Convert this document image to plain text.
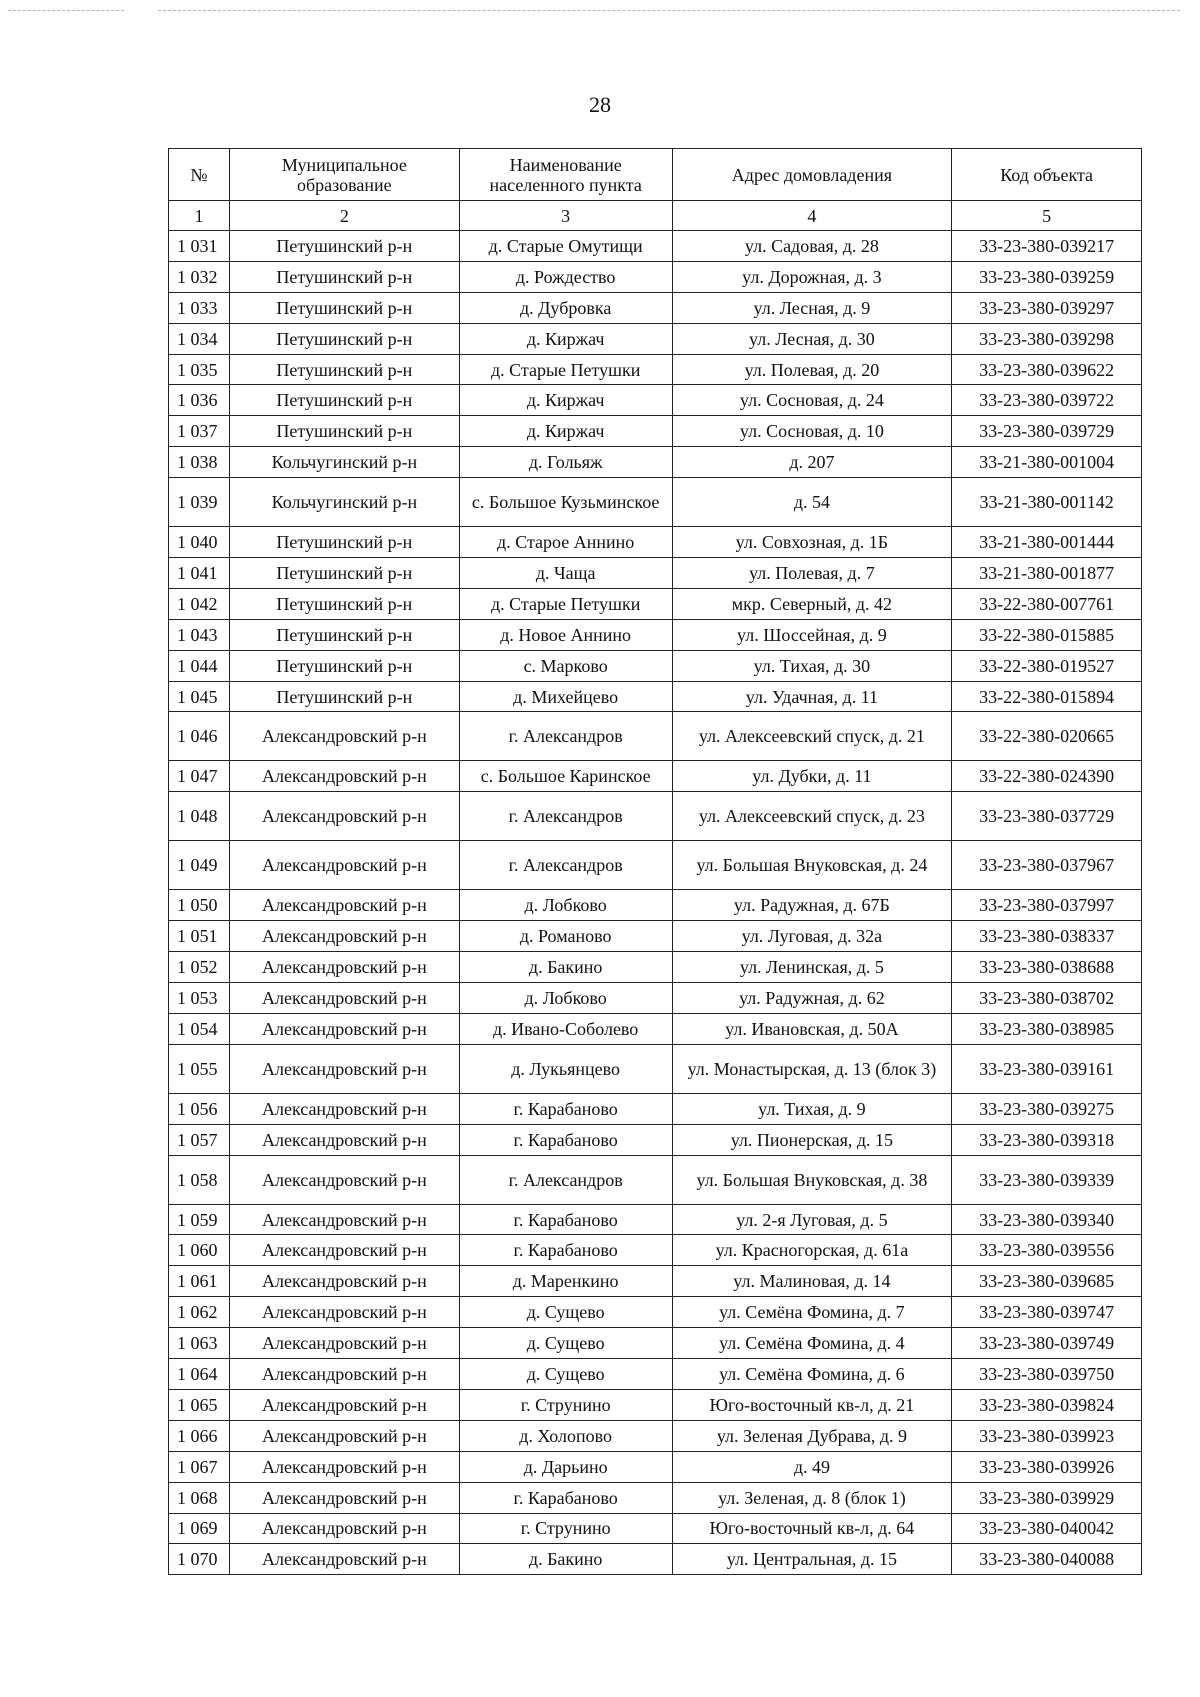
28
№	Муниципальное образование	Наименование населенного пункта	Адрес домовладения	Код объекта
1	2	3	4	5
1 031	Петушинский р-н	д. Старые Омутищи	ул. Садовая, д. 28	33-23-380-039217
1 032	Петушинский р-н	д. Рождество	ул. Дорожная, д. 3	33-23-380-039259
1 033	Петушинский р-н	д. Дубровка	ул. Лесная, д. 9	33-23-380-039297
1 034	Петушинский р-н	д. Киржач	ул. Лесная, д. 30	33-23-380-039298
1 035	Петушинский р-н	д. Старые Петушки	ул. Полевая, д. 20	33-23-380-039622
1 036	Петушинский р-н	д. Киржач	ул. Сосновая, д. 24	33-23-380-039722
1 037	Петушинский р-н	д. Киржач	ул. Сосновая, д. 10	33-23-380-039729
1 038	Кольчугинский р-н	д. Гольяж	д. 207	33-21-380-001004
1 039	Кольчугинский р-н	с. Большое Кузьминское	д. 54	33-21-380-001142
1 040	Петушинский р-н	д. Старое Аннино	ул. Совхозная, д. 1Б	33-21-380-001444
1 041	Петушинский р-н	д. Чаща	ул. Полевая, д. 7	33-21-380-001877
1 042	Петушинский р-н	д. Старые Петушки	мкр. Северный, д. 42	33-22-380-007761
1 043	Петушинский р-н	д. Новое Аннино	ул. Шоссейная, д. 9	33-22-380-015885
1 044	Петушинский р-н	с. Марково	ул. Тихая, д. 30	33-22-380-019527
1 045	Петушинский р-н	д. Михейцево	ул. Удачная, д. 11	33-22-380-015894
1 046	Александровский р-н	г. Александров	ул. Алексеевский спуск, д. 21	33-22-380-020665
1 047	Александровский р-н	с. Большое Каринское	ул. Дубки, д. 11	33-22-380-024390
1 048	Александровский р-н	г. Александров	ул. Алексеевский спуск, д. 23	33-23-380-037729
1 049	Александровский р-н	г. Александров	ул. Большая Внуковская, д. 24	33-23-380-037967
1 050	Александровский р-н	д. Лобково	ул. Радужная, д. 67Б	33-23-380-037997
1 051	Александровский р-н	д. Романово	ул. Луговая, д. 32а	33-23-380-038337
1 052	Александровский р-н	д. Бакино	ул. Ленинская, д. 5	33-23-380-038688
1 053	Александровский р-н	д. Лобково	ул. Радужная, д. 62	33-23-380-038702
1 054	Александровский р-н	д. Ивано-Соболево	ул. Ивановская, д. 50А	33-23-380-038985
1 055	Александровский р-н	д. Лукьянцево	ул. Монастырская, д. 13 (блок 3)	33-23-380-039161
1 056	Александровский р-н	г. Карабаново	ул. Тихая, д. 9	33-23-380-039275
1 057	Александровский р-н	г. Карабаново	ул. Пионерская, д. 15	33-23-380-039318
1 058	Александровский р-н	г. Александров	ул. Большая Внуковская, д. 38	33-23-380-039339
1 059	Александровский р-н	г. Карабаново	ул. 2-я Луговая, д. 5	33-23-380-039340
1 060	Александровский р-н	г. Карабаново	ул. Красногорская, д. 61а	33-23-380-039556
1 061	Александровский р-н	д. Маренкино	ул. Малиновая, д. 14	33-23-380-039685
1 062	Александровский р-н	д. Сущево	ул. Семёна Фомина, д. 7	33-23-380-039747
1 063	Александровский р-н	д. Сущево	ул. Семёна Фомина, д. 4	33-23-380-039749
1 064	Александровский р-н	д. Сущево	ул. Семёна Фомина, д. 6	33-23-380-039750
1 065	Александровский р-н	г. Струнино	Юго-восточный кв-л, д. 21	33-23-380-039824
1 066	Александровский р-н	д. Холопово	ул. Зеленая Дубрава, д. 9	33-23-380-039923
1 067	Александровский р-н	д. Дарьино	д. 49	33-23-380-039926
1 068	Александровский р-н	г. Карабаново	ул. Зеленая, д. 8 (блок 1)	33-23-380-039929
1 069	Александровский р-н	г. Струнино	Юго-восточный кв-л, д. 64	33-23-380-040042
1 070	Александровский р-н	д. Бакино	ул. Центральная, д. 15	33-23-380-040088
